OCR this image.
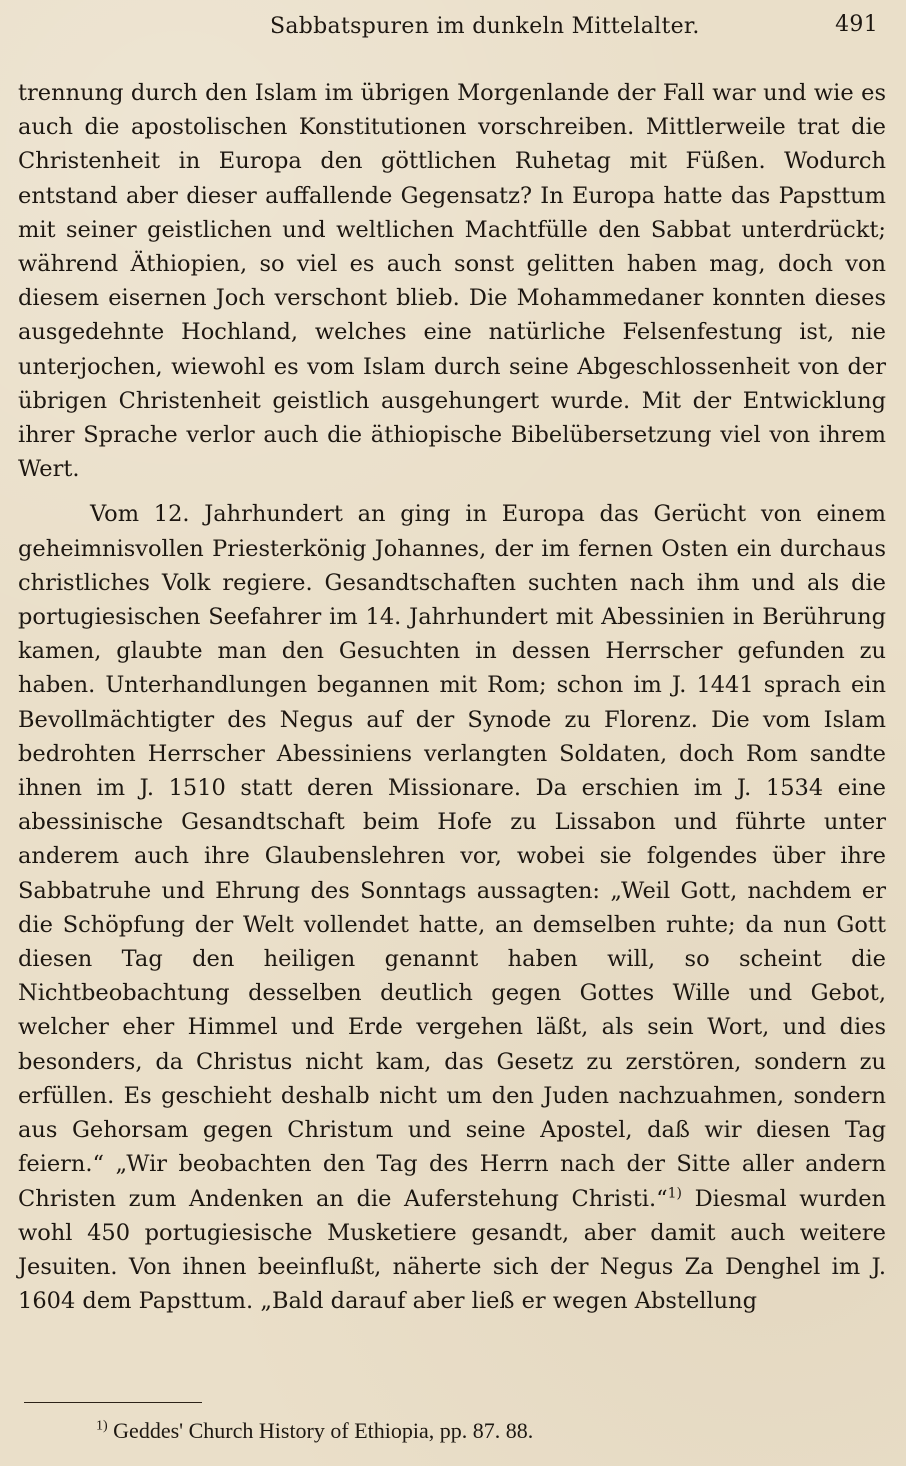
Sabbatspuren im dunkeln Mittelalter.	491

trennung durch den Islam im übrigen Morgenlande der Fall war und wie es auch die apostolischen Konstitutionen vorschreiben. Mittlerweile trat die Christenheit in Europa den göttlichen Ruhetag mit Füßen. Wodurch entstand aber dieser auffallende Gegensatz? In Europa hatte das Papsttum mit seiner geistlichen und weltlichen Machtfülle den Sabbat unterdrückt; während Äthiopien, so viel es auch sonst gelitten haben mag, doch von diesem eisernen Joch verschont blieb. Die Mohammedaner konnten dieses ausgedehnte Hochland, welches eine natürliche Felsenfestung ist, nie unterjochen, wiewohl es vom Islam durch seine Abgeschlossenheit von der übrigen Christenheit geistlich ausgehungert wurde. Mit der Entwicklung ihrer Sprache verlor auch die äthiopische Bibelübersetzung viel von ihrem Wert.

Vom 12. Jahrhundert an ging in Europa das Gerücht von einem geheimnisvollen Priesterkönig Johannes, der im fernen Osten ein durchaus christliches Volk regiere. Gesandtschaften suchten nach ihm und als die portugiesischen Seefahrer im 14. Jahrhundert mit Abessinien in Berührung kamen, glaubte man den Gesuchten in dessen Herrscher gefunden zu haben. Unterhandlungen begannen mit Rom; schon im J. 1441 sprach ein Bevollmächtigter des Negus auf der Synode zu Florenz. Die vom Islam bedrohten Herrscher Abessiniens verlangten Soldaten, doch Rom sandte ihnen im J. 1510 statt deren Missionare. Da erschien im J. 1534 eine abessinische Gesandtschaft beim Hofe zu Lissabon und führte unter anderem auch ihre Glaubenslehren vor, wobei sie folgendes über ihre Sabbatruhe und Ehrung des Sonntags aussagten: „Weil Gott, nachdem er die Schöpfung der Welt vollendet hatte, an demselben ruhte; da nun Gott diesen Tag den heiligen genannt haben will, so scheint die Nichtbeobachtung desselben deutlich gegen Gottes Wille und Gebot, welcher eher Himmel und Erde vergehen läßt, als sein Wort, und dies besonders, da Christus nicht kam, das Gesetz zu zerstören, sondern zu erfüllen. Es geschieht deshalb nicht um den Juden nachzuahmen, sondern aus Gehorsam gegen Christum und seine Apostel, daß wir diesen Tag feiern.“ „Wir beobachten den Tag des Herrn nach der Sitte aller andern Christen zum Andenken an die Auferstehung Christi.“$^{1)}$ Diesmal wurden wohl 450 portugiesische Musketiere gesandt, aber damit auch weitere Jesuiten. Von ihnen beeinflußt, näherte sich der Negus Za Denghel im J. 1604 dem Papsttum. „Bald darauf aber ließ er wegen Abstellung

$^{1)}$ Geddes' Church History of Ethiopia, pp. 87. 88.
